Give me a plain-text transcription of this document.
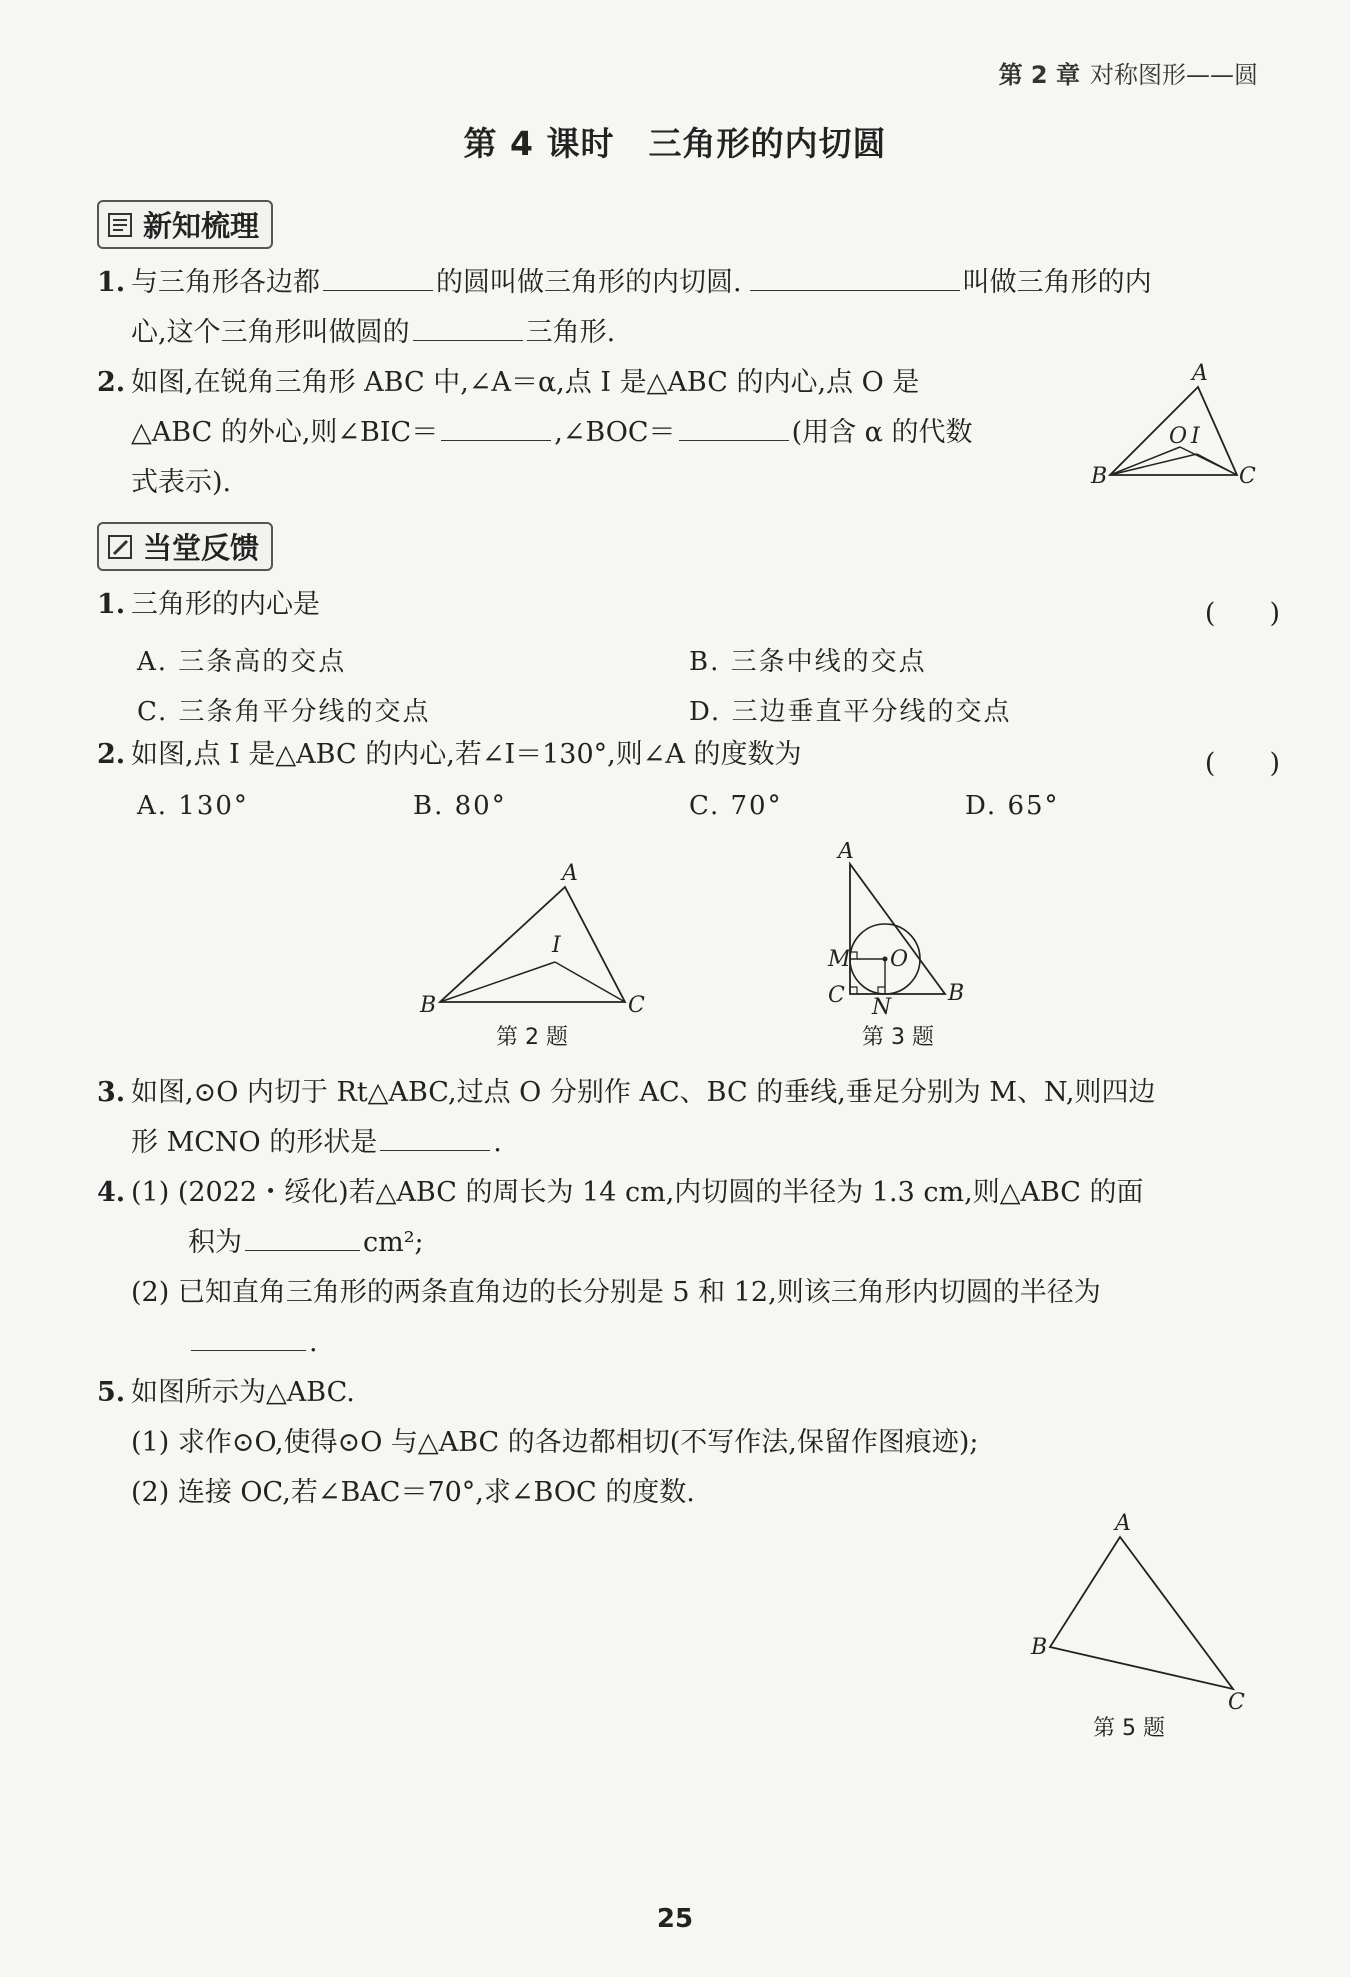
第 2 章 对称图形——圆
第 4 课时　三角形的内切圆
新知梳理
1. 与三角形各边都	的圆叫做三角形的内切圆.	叫做三角形的内
心,这个三角形叫做圆的	三角形.
2. 如图,在锐角三角形 ABC 中,∠A＝α,点 I 是△ABC 的内心,点 O 是
△ABC 的外心,则∠BIC＝	,∠BOC＝	(用含 α 的代数
式表示).
A
B	C
O I
当堂反馈
1. 三角形的内心是	(　　)
A. 三条高的交点	B. 三条中线的交点
C. 三条角平分线的交点	D. 三边垂直平分线的交点
2. 如图,点 I 是△ABC 的内心,若∠I＝130°,则∠A 的度数为	(　　)
A. 130°	B. 80°	C. 70°	D. 65°
A
B	C
I
第 2 题
A
M O
C N
B
第 3 题
3. 如图,⊙O 内切于 Rt△ABC,过点 O 分别作 AC、BC 的垂线,垂足分别为 M、N,则四边
形 MCNO 的形状是	.
4. (1) (2022・绥化)若△ABC 的周长为 14 cm,内切圆的半径为 1.3 cm,则△ABC 的面
积为	cm²;
(2) 已知直角三角形的两条直角边的长分别是 5 和 12,则该三角形内切圆的半径为
.
5. 如图所示为△ABC.
(1) 求作⊙O,使得⊙O 与△ABC 的各边都相切(不写作法,保留作图痕迹);
(2) 连接 OC,若∠BAC＝70°,求∠BOC 的度数.
A
B
C
第 5 题
25
